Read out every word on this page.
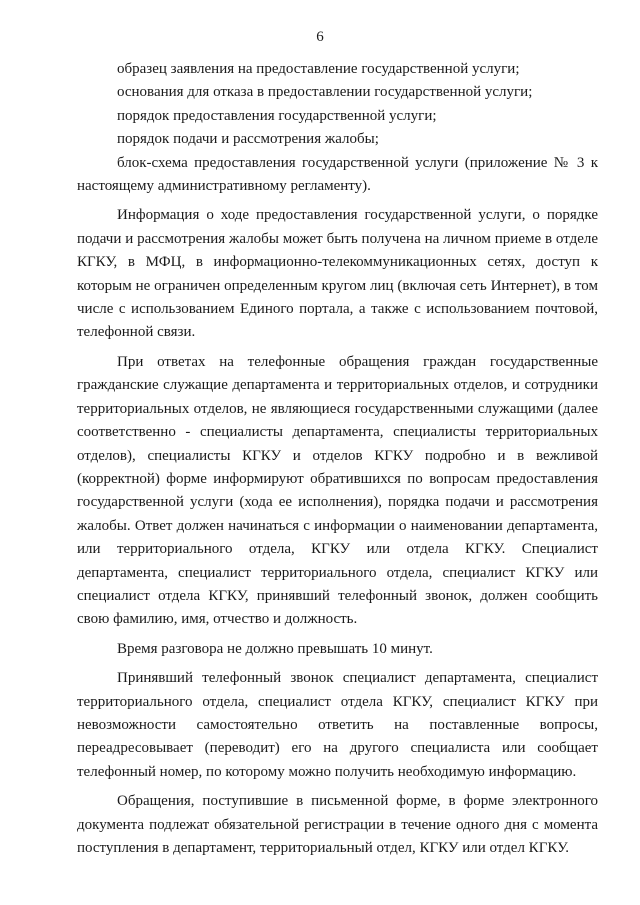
6

образец заявления на предоставление государственной услуги;

основания для отказа в предоставлении государственной услуги;

порядок предоставления государственной услуги;

порядок подачи и рассмотрения жалобы;

блок-схема предоставления государственной услуги (приложение № 3 к настоящему административному регламенту).

Информация о ходе предоставления государственной услуги, о порядке подачи и рассмотрения жалобы может быть получена на личном приеме в отделе КГКУ, в МФЦ, в информационно-телекоммуникационных сетях, доступ к которым не ограничен определенным кругом лиц (включая сеть Интернет), в том числе с использованием Единого портала, а также с использованием почтовой, телефонной связи.

При ответах на телефонные обращения граждан государственные гражданские служащие департамента и территориальных отделов, и сотрудники территориальных отделов, не являющиеся государственными служащими (далее соответственно - специалисты департамента, специалисты территориальных отделов), специалисты КГКУ и отделов КГКУ подробно и в вежливой (корректной) форме информируют обратившихся по вопросам предоставления государственной услуги (хода ее исполнения), порядка подачи и рассмотрения жалобы. Ответ должен начинаться с информации о наименовании департамента, или территориального отдела, КГКУ или отдела КГКУ. Специалист департамента, специалист территориального отдела, специалист КГКУ или специалист отдела КГКУ, принявший телефонный звонок, должен сообщить свою фамилию, имя, отчество и должность.

Время разговора не должно превышать 10 минут.

Принявший телефонный звонок специалист департамента, специалист территориального отдела, специалист отдела КГКУ, специалист КГКУ при невозможности самостоятельно ответить на поставленные вопросы, переадресовывает (переводит) его на другого специалиста или сообщает телефонный номер, по которому можно получить необходимую информацию.

Обращения, поступившие в письменной форме, в форме электронного документа подлежат обязательной регистрации в течение одного дня с момента поступления в департамент, территориальный отдел, КГКУ или отдел КГКУ.
